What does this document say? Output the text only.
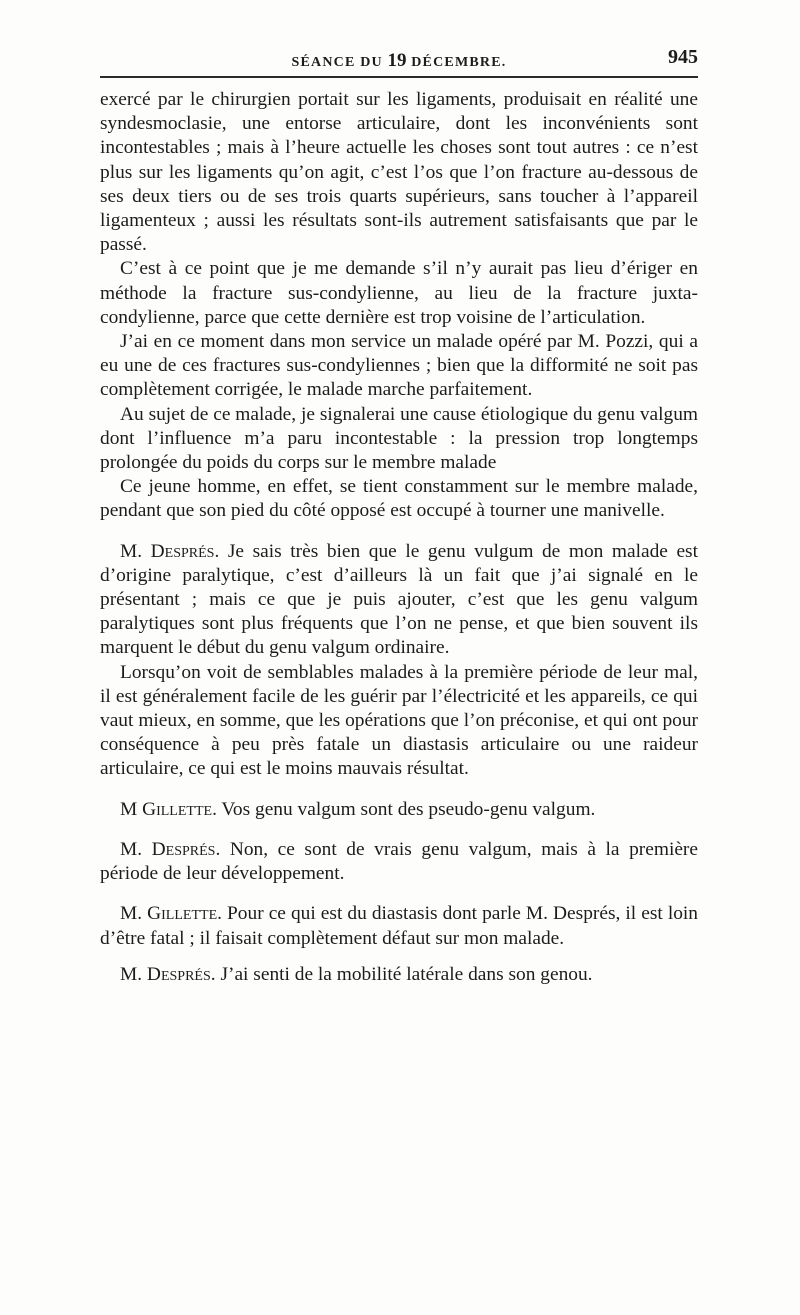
SÉANCE DU 19 DÉCEMBRE.	945

exercé par le chirurgien portait sur les ligaments, produisait en réalité une syndesmoclasie, une entorse articulaire, dont les inconvénients sont incontestables ; mais à l’heure actuelle les choses sont tout autres : ce n’est plus sur les ligaments qu’on agit, c’est l’os que l’on fracture au-dessous de ses deux tiers ou de ses trois quarts supérieurs, sans toucher à l’appareil ligamenteux ; aussi les résultats sont-ils autrement satisfaisants que par le passé.

C’est à ce point que je me demande s’il n’y aurait pas lieu d’ériger en méthode la fracture sus-condylienne, au lieu de la fracture juxta-condylienne, parce que cette dernière est trop voisine de l’articulation.

J’ai en ce moment dans mon service un malade opéré par M. Pozzi, qui a eu une de ces fractures sus-condyliennes ; bien que la difformité ne soit pas complètement corrigée, le malade marche parfaitement.

Au sujet de ce malade, je signalerai une cause étiologique du genu valgum dont l’influence m’a paru incontestable : la pression trop longtemps prolongée du poids du corps sur le membre malade

Ce jeune homme, en effet, se tient constamment sur le membre malade, pendant que son pied du côté opposé est occupé à tourner une manivelle.

M. Després. Je sais très bien que le genu vulgum de mon malade est d’origine paralytique, c’est d’ailleurs là un fait que j’ai signalé en le présentant ; mais ce que je puis ajouter, c’est que les genu valgum paralytiques sont plus fréquents que l’on ne pense, et que bien souvent ils marquent le début du genu valgum ordinaire.

Lorsqu’on voit de semblables malades à la première période de leur mal, il est généralement facile de les guérir par l’électricité et les appareils, ce qui vaut mieux, en somme, que les opérations que l’on préconise, et qui ont pour conséquence à peu près fatale un diastasis articulaire ou une raideur articulaire, ce qui est le moins mauvais résultat.

M Gillette. Vos genu valgum sont des pseudo-genu valgum.

M. Després. Non, ce sont de vrais genu valgum, mais à la première période de leur développement.

M. Gillette. Pour ce qui est du diastasis dont parle M. Després, il est loin d’être fatal ; il faisait complètement défaut sur mon malade.

M. Després. J’ai senti de la mobilité latérale dans son genou.
